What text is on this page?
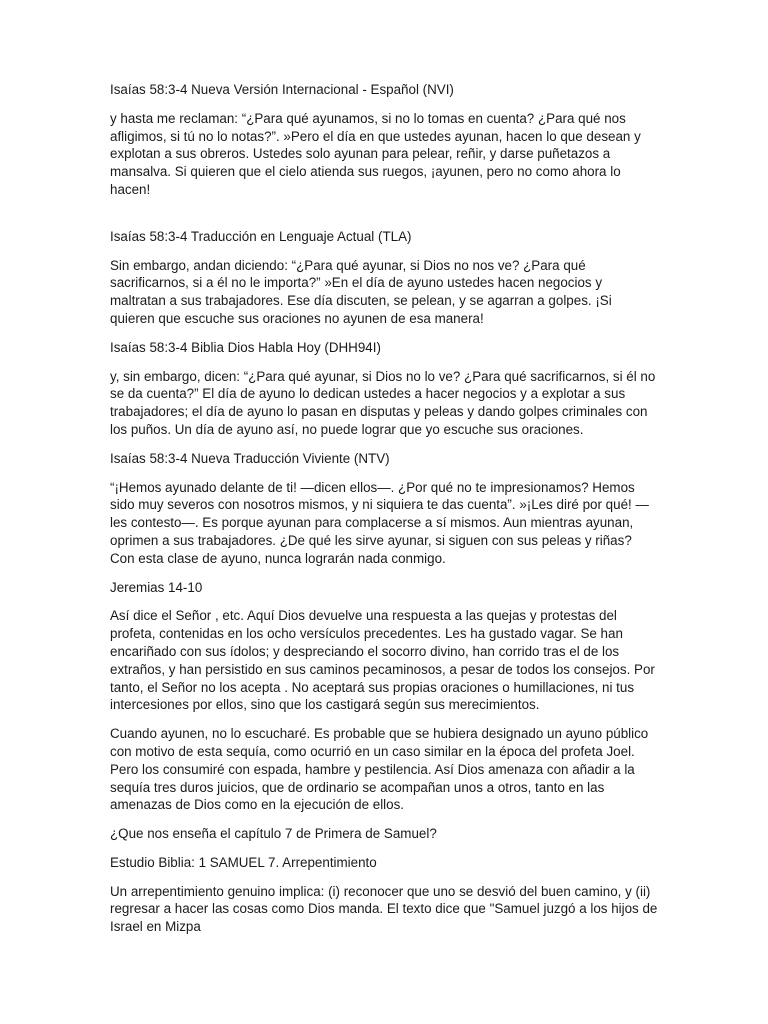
Isaías 58:3-4 Nueva Versión Internacional - Español (NVI)

y hasta me reclaman: “¿Para qué ayunamos, si no lo tomas en cuenta? ¿Para qué nos afligimos, si tú no lo notas?”. »Pero el día en que ustedes ayunan, hacen lo que desean y explotan a sus obreros. Ustedes solo ayunan para pelear, reñir, y darse puñetazos a mansalva. Si quieren que el cielo atienda sus ruegos, ¡ayunen, pero no como ahora lo hacen!

Isaías 58:3-4 Traducción en Lenguaje Actual (TLA)

Sin embargo, andan diciendo: “¿Para qué ayunar, si Dios no nos ve? ¿Para qué sacrificarnos, si a él no le importa?” »En el día de ayuno ustedes hacen negocios y maltratan a sus trabajadores. Ese día discuten, se pelean, y se agarran a golpes. ¡Si quieren que escuche sus oraciones no ayunen de esa manera!

Isaías 58:3-4 Biblia Dios Habla Hoy (DHH94I)

y, sin embargo, dicen: “¿Para qué ayunar, si Dios no lo ve? ¿Para qué sacrificarnos, si él no se da cuenta?” El día de ayuno lo dedican ustedes a hacer negocios y a explotar a sus trabajadores; el día de ayuno lo pasan en disputas y peleas y dando golpes criminales con los puños. Un día de ayuno así, no puede lograr que yo escuche sus oraciones.

Isaías 58:3-4 Nueva Traducción Viviente (NTV)

“¡Hemos ayunado delante de ti! —dicen ellos—. ¿Por qué no te impresionamos? Hemos sido muy severos con nosotros mismos, y ni siquiera te das cuenta”. »¡Les diré por qué! —les contesto—. Es porque ayunan para complacerse a sí mismos. Aun mientras ayunan, oprimen a sus trabajadores. ¿De qué les sirve ayunar, si siguen con sus peleas y riñas? Con esta clase de ayuno, nunca lograrán nada conmigo.

Jeremias 14-10

Así dice el Señor , etc. Aquí Dios devuelve una respuesta a las quejas y protestas del profeta, contenidas en los ocho versículos precedentes. Les ha gustado vagar. Se han encariñado con sus ídolos; y despreciando el socorro divino, han corrido tras el de los extraños, y han persistido en sus caminos pecaminosos, a pesar de todos los consejos. Por tanto, el Señor no los acepta . No aceptará sus propias oraciones o humillaciones, ni tus intercesiones por ellos, sino que los castigará según sus merecimientos.

Cuando ayunen, no lo escucharé. Es probable que se hubiera designado un ayuno público con motivo de esta sequía, como ocurrió en un caso similar en la época del profeta Joel. Pero los consumiré con espada, hambre y pestilencia. Así Dios amenaza con añadir a la sequía tres duros juicios, que de ordinario se acompañan unos a otros, tanto en las amenazas de Dios como en la ejecución de ellos.

¿Que nos enseña el capítulo 7 de Primera de Samuel?

Estudio Biblia: 1 SAMUEL 7. Arrepentimiento

Un arrepentimiento genuino implica: (i) reconocer que uno se desvió del buen camino, y (ii) regresar a hacer las cosas como Dios manda. El texto dice que "Samuel juzgó a los hijos de Israel en Mizpa
